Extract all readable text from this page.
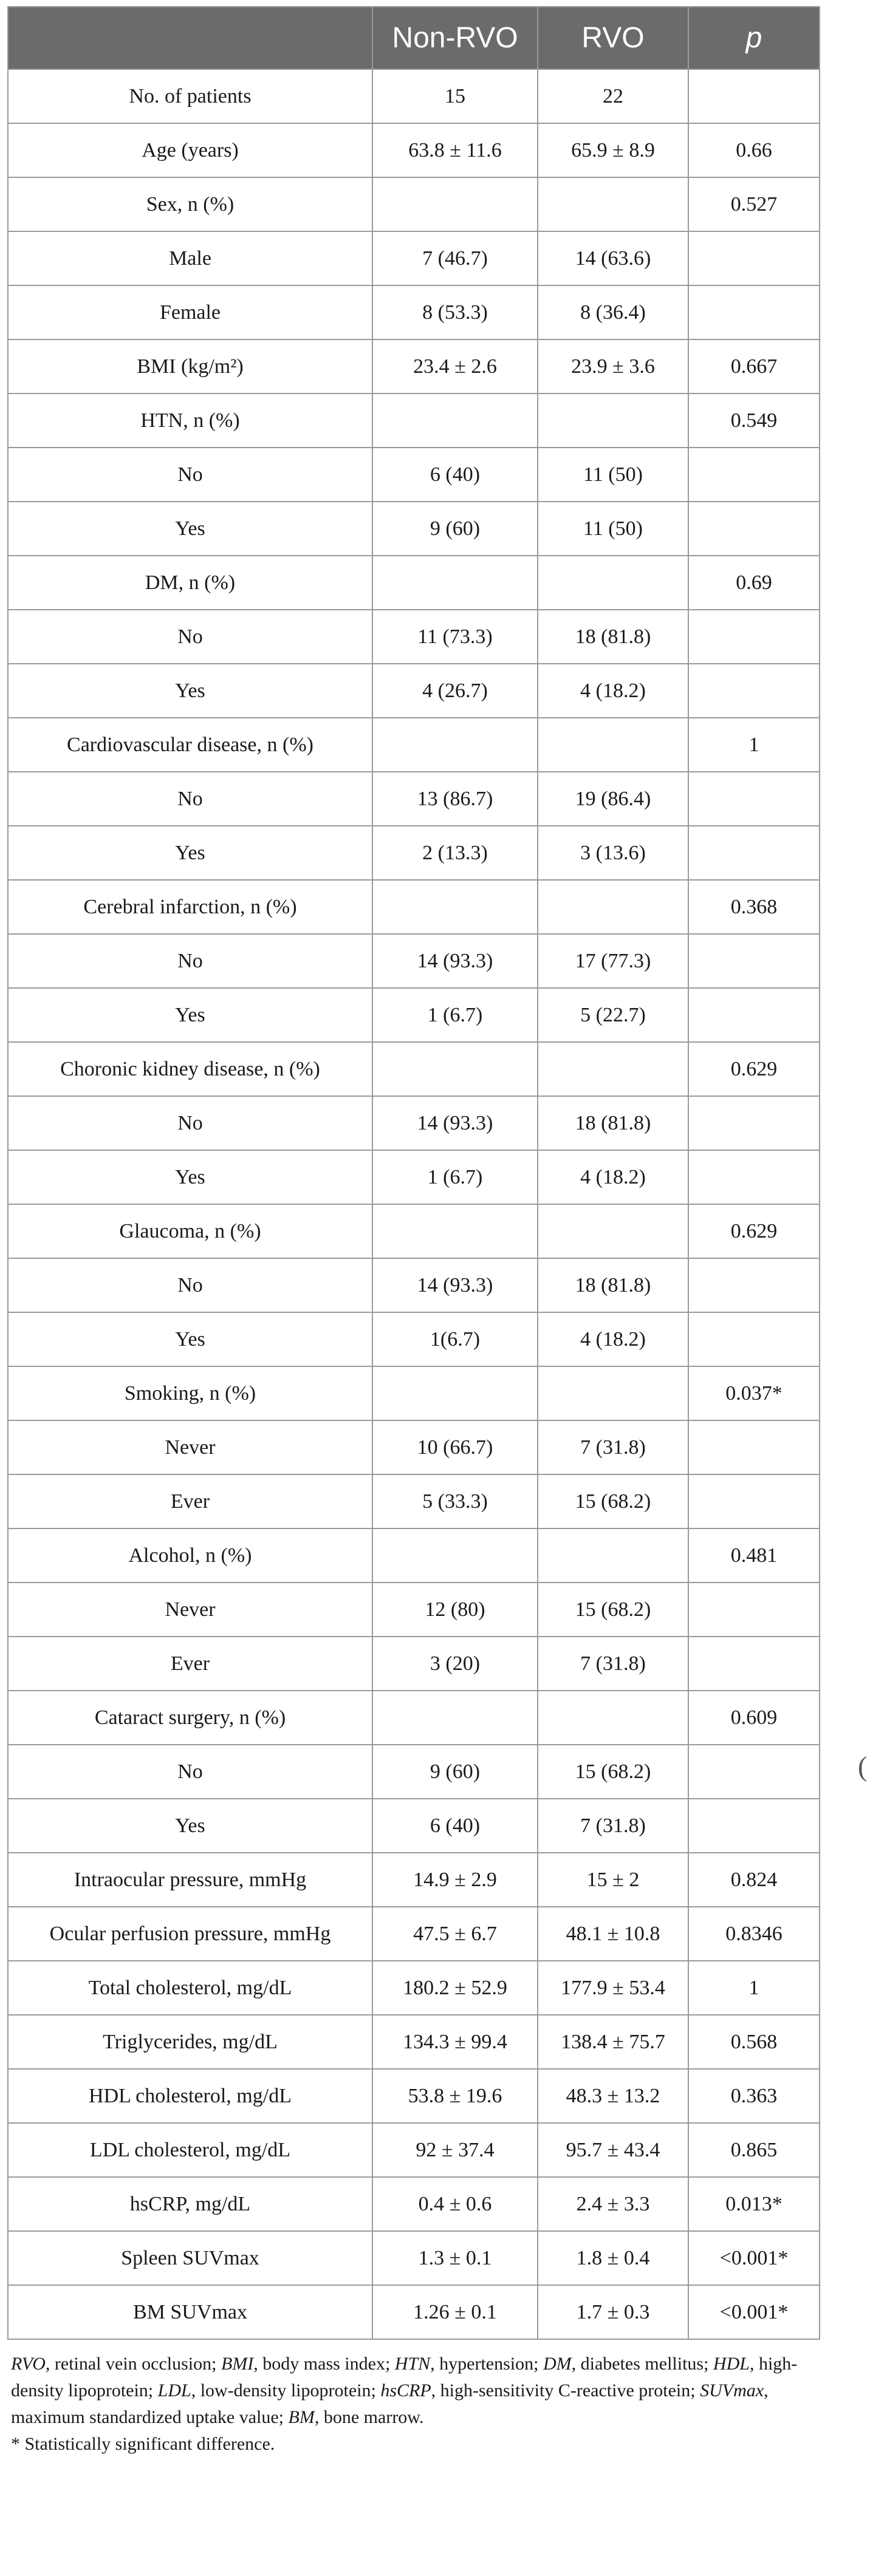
	Non-RVO	RVO	p
No. of patients	15	22	
Age (years)	63.8 ± 11.6	65.9 ± 8.9	0.66
Sex, n (%)			0.527
Male	7 (46.7)	14 (63.6)	
Female	8 (53.3)	8 (36.4)	
BMI (kg/m²)	23.4 ± 2.6	23.9 ± 3.6	0.667
HTN, n (%)			0.549
No	6 (40)	11 (50)	
Yes	9 (60)	11 (50)	
DM, n (%)			0.69
No	11 (73.3)	18 (81.8)	
Yes	4 (26.7)	4 (18.2)	
Cardiovascular disease, n (%)			1
No	13 (86.7)	19 (86.4)	
Yes	2 (13.3)	3 (13.6)	
Cerebral infarction, n (%)			0.368
No	14 (93.3)	17 (77.3)	
Yes	1 (6.7)	5 (22.7)	
Choronic kidney disease, n (%)			0.629
No	14 (93.3)	18 (81.8)	
Yes	1 (6.7)	4 (18.2)	
Glaucoma, n (%)			0.629
No	14 (93.3)	18 (81.8)	
Yes	1(6.7)	4 (18.2)	
Smoking, n (%)			0.037*
Never	10 (66.7)	7 (31.8)	
Ever	5 (33.3)	15 (68.2)	
Alcohol, n (%)			0.481
Never	12 (80)	15 (68.2)	
Ever	3 (20)	7 (31.8)	
Cataract surgery, n (%)			0.609
No	9 (60)	15 (68.2)	
Yes	6 (40)	7 (31.8)	
Intraocular pressure, mmHg	14.9 ± 2.9	15 ± 2	0.824
Ocular perfusion pressure, mmHg	47.5 ± 6.7	48.1 ± 10.8	0.8346
Total cholesterol, mg/dL	180.2 ± 52.9	177.9 ± 53.4	1
Triglycerides, mg/dL	134.3 ± 99.4	138.4 ± 75.7	0.568
HDL cholesterol, mg/dL	53.8 ± 19.6	48.3 ± 13.2	0.363
LDL cholesterol, mg/dL	92 ± 37.4	95.7 ± 43.4	0.865
hsCRP, mg/dL	0.4 ± 0.6	2.4 ± 3.3	0.013*
Spleen SUVmax	1.3 ± 0.1	1.8 ± 0.4	<0.001*
BM SUVmax	1.26 ± 0.1	1.7 ± 0.3	<0.001*

RVO, retinal vein occlusion; BMI, body mass index; HTN, hypertension; DM, diabetes mellitus; HDL, high-density lipoprotein; LDL, low-density lipoprotein; hsCRP, high-sensitivity C-reactive protein; SUVmax, maximum standardized uptake value; BM, bone marrow.

* Statistically significant difference.

(
